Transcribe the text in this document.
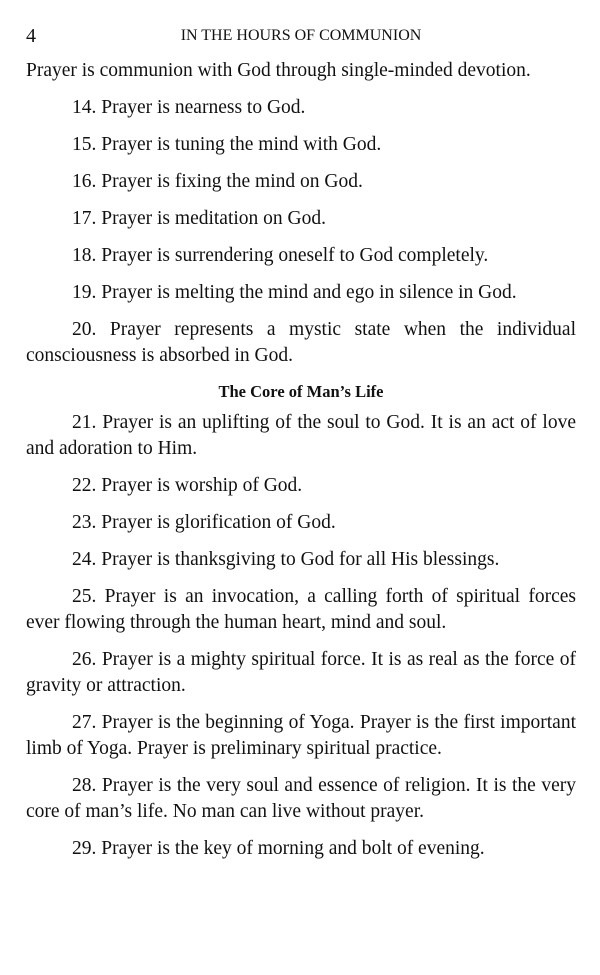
4	IN THE HOURS OF COMMUNION

Prayer is communion with God through single-minded devotion.

14. Prayer is nearness to God.

15. Prayer is tuning the mind with God.

16. Prayer is fixing the mind on God.

17. Prayer is meditation on God.

18. Prayer is surrendering oneself to God completely.

19. Prayer is melting the mind and ego in silence in God.

20. Prayer represents a mystic state when the individual consciousness is absorbed in God.

The Core of Man’s Life

21. Prayer is an uplifting of the soul to God. It is an act of love and adoration to Him.

22. Prayer is worship of God.

23. Prayer is glorification of God.

24. Prayer is thanksgiving to God for all His blessings.

25. Prayer is an invocation, a calling forth of spiritual forces ever flowing through the human heart, mind and soul.

26. Prayer is a mighty spiritual force. It is as real as the force of gravity or attraction.

27. Prayer is the beginning of Yoga. Prayer is the first important limb of Yoga. Prayer is preliminary spiritual practice.

28. Prayer is the very soul and essence of religion. It is the very core of man’s life. No man can live without prayer.

29. Prayer is the key of morning and bolt of evening.
